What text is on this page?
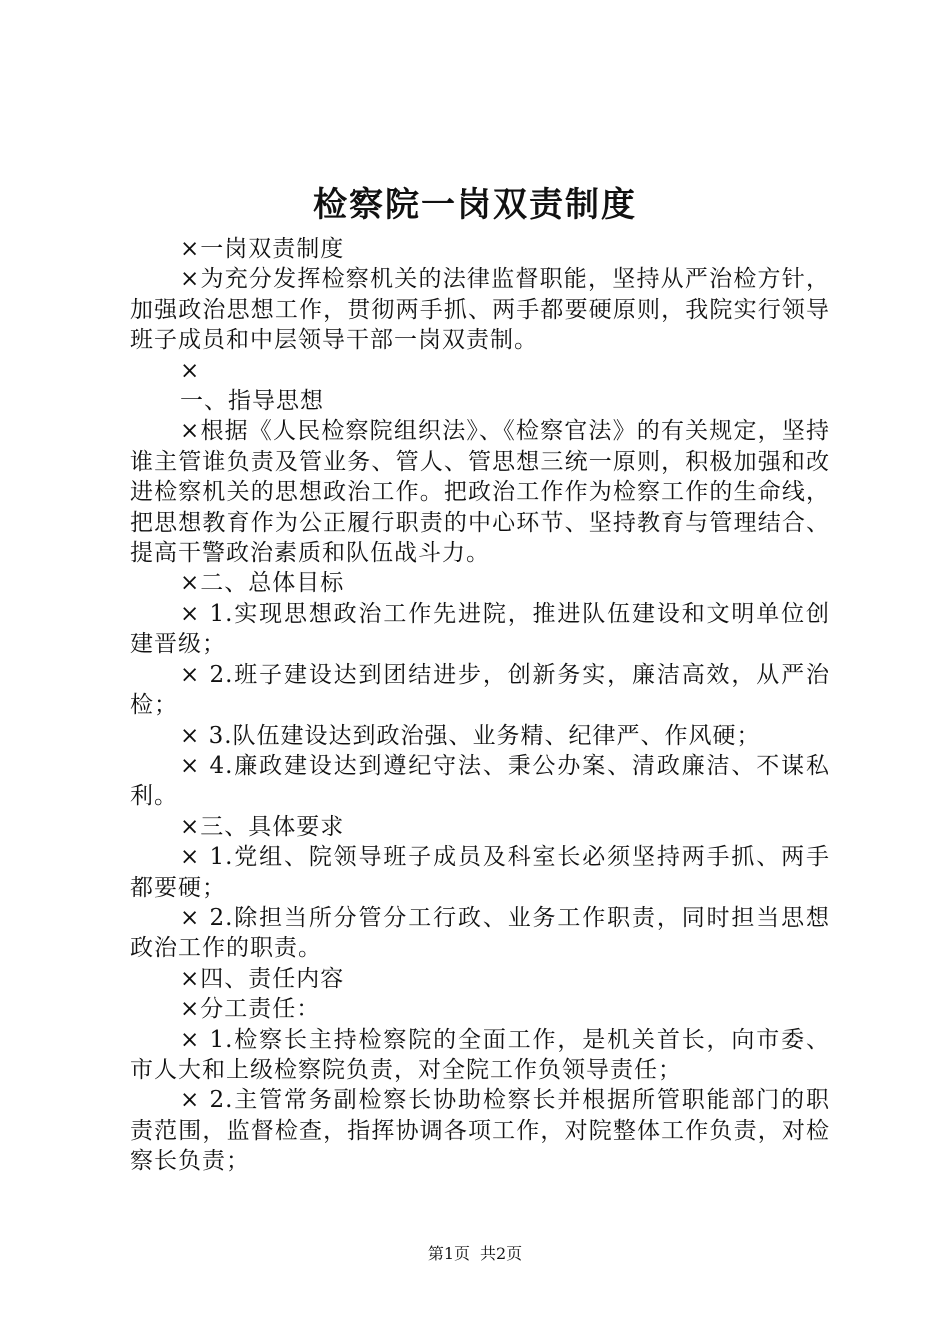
检察院一岗双责制度

×一岗双责制度

×为充分发挥检察机关的法律监督职能，坚持从严治检方针，加强政治思想工作，贯彻两手抓、两手都要硬原则，我院实行领导班子成员和中层领导干部一岗双责制。

×

一、指导思想

×根据《人民检察院组织法》、《检察官法》的有关规定，坚持谁主管谁负责及管业务、管人、管思想三统一原则，积极加强和改进检察机关的思想政治工作。把政治工作作为检察工作的生命线，把思想教育作为公正履行职责的中心环节、坚持教育与管理结合、提高干警政治素质和队伍战斗力。

×二、总体目标

× 1.实现思想政治工作先进院，推进队伍建设和文明单位创建晋级；

× 2.班子建设达到团结进步，创新务实，廉洁高效，从严治检；

× 3.队伍建设达到政治强、业务精、纪律严、作风硬；

× 4.廉政建设达到遵纪守法、秉公办案、清政廉洁、不谋私利。

×三、具体要求

× 1.党组、院领导班子成员及科室长必须坚持两手抓、两手都要硬；

× 2.除担当所分管分工行政、业务工作职责，同时担当思想政治工作的职责。

×四、责任内容

×分工责任：

× 1.检察长主持检察院的全面工作，是机关首长，向市委、市人大和上级检察院负责，对全院工作负领导责任；

× 2.主管常务副检察长协助检察长并根据所管职能部门的职责范围，监督检查，指挥协调各项工作，对院整体工作负责，对检察长负责；

第1页 共2页
